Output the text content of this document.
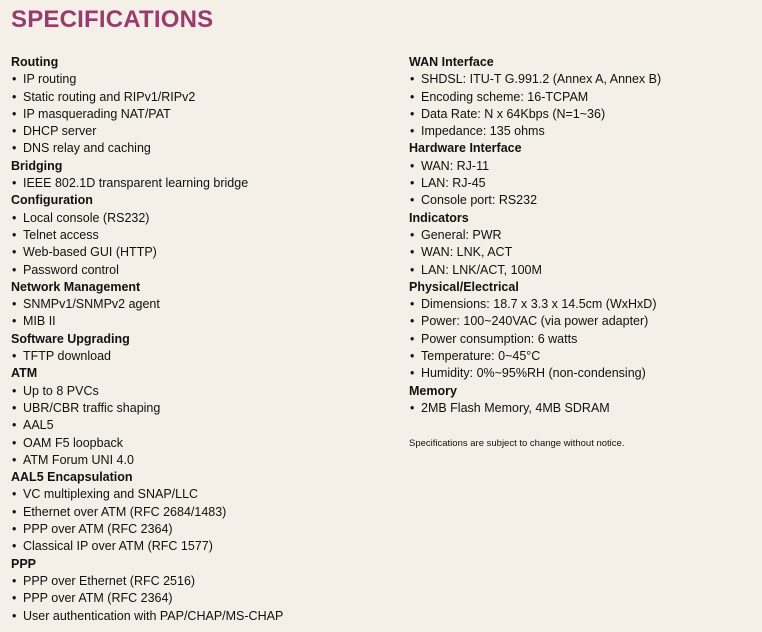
SPECIFICATIONS
Routing
• IP routing
• Static routing and RIPv1/RIPv2
• IP masquerading NAT/PAT
• DHCP server
• DNS relay and caching
Bridging
• IEEE 802.1D transparent learning bridge
Configuration
• Local console (RS232)
• Telnet access
• Web-based GUI (HTTP)
• Password control
Network Management
• SNMPv1/SNMPv2 agent
• MIB II
Software Upgrading
• TFTP download
ATM
• Up to 8 PVCs
• UBR/CBR traffic shaping
• AAL5
• OAM F5 loopback
• ATM Forum UNI 4.0
AAL5 Encapsulation
• VC multiplexing and SNAP/LLC
• Ethernet over ATM (RFC 2684/1483)
• PPP over ATM (RFC 2364)
• Classical IP over ATM (RFC 1577)
PPP
• PPP over Ethernet (RFC 2516)
• PPP over ATM (RFC 2364)
• User authentication with PAP/CHAP/MS-CHAP
WAN Interface
• SHDSL: ITU-T G.991.2 (Annex A, Annex B)
• Encoding scheme: 16-TCPAM
• Data Rate: N x 64Kbps (N=1~36)
• Impedance: 135 ohms
Hardware Interface
• WAN: RJ-11
• LAN: RJ-45
• Console port: RS232
Indicators
• General: PWR
• WAN: LNK, ACT
• LAN: LNK/ACT, 100M
Physical/Electrical
• Dimensions: 18.7 x 3.3 x 14.5cm (WxHxD)
• Power: 100~240VAC (via power adapter)
• Power consumption: 6 watts
• Temperature: 0~45°C
• Humidity: 0%~95%RH (non-condensing)
Memory
• 2MB Flash Memory, 4MB SDRAM
Specifications are subject to change without notice.
